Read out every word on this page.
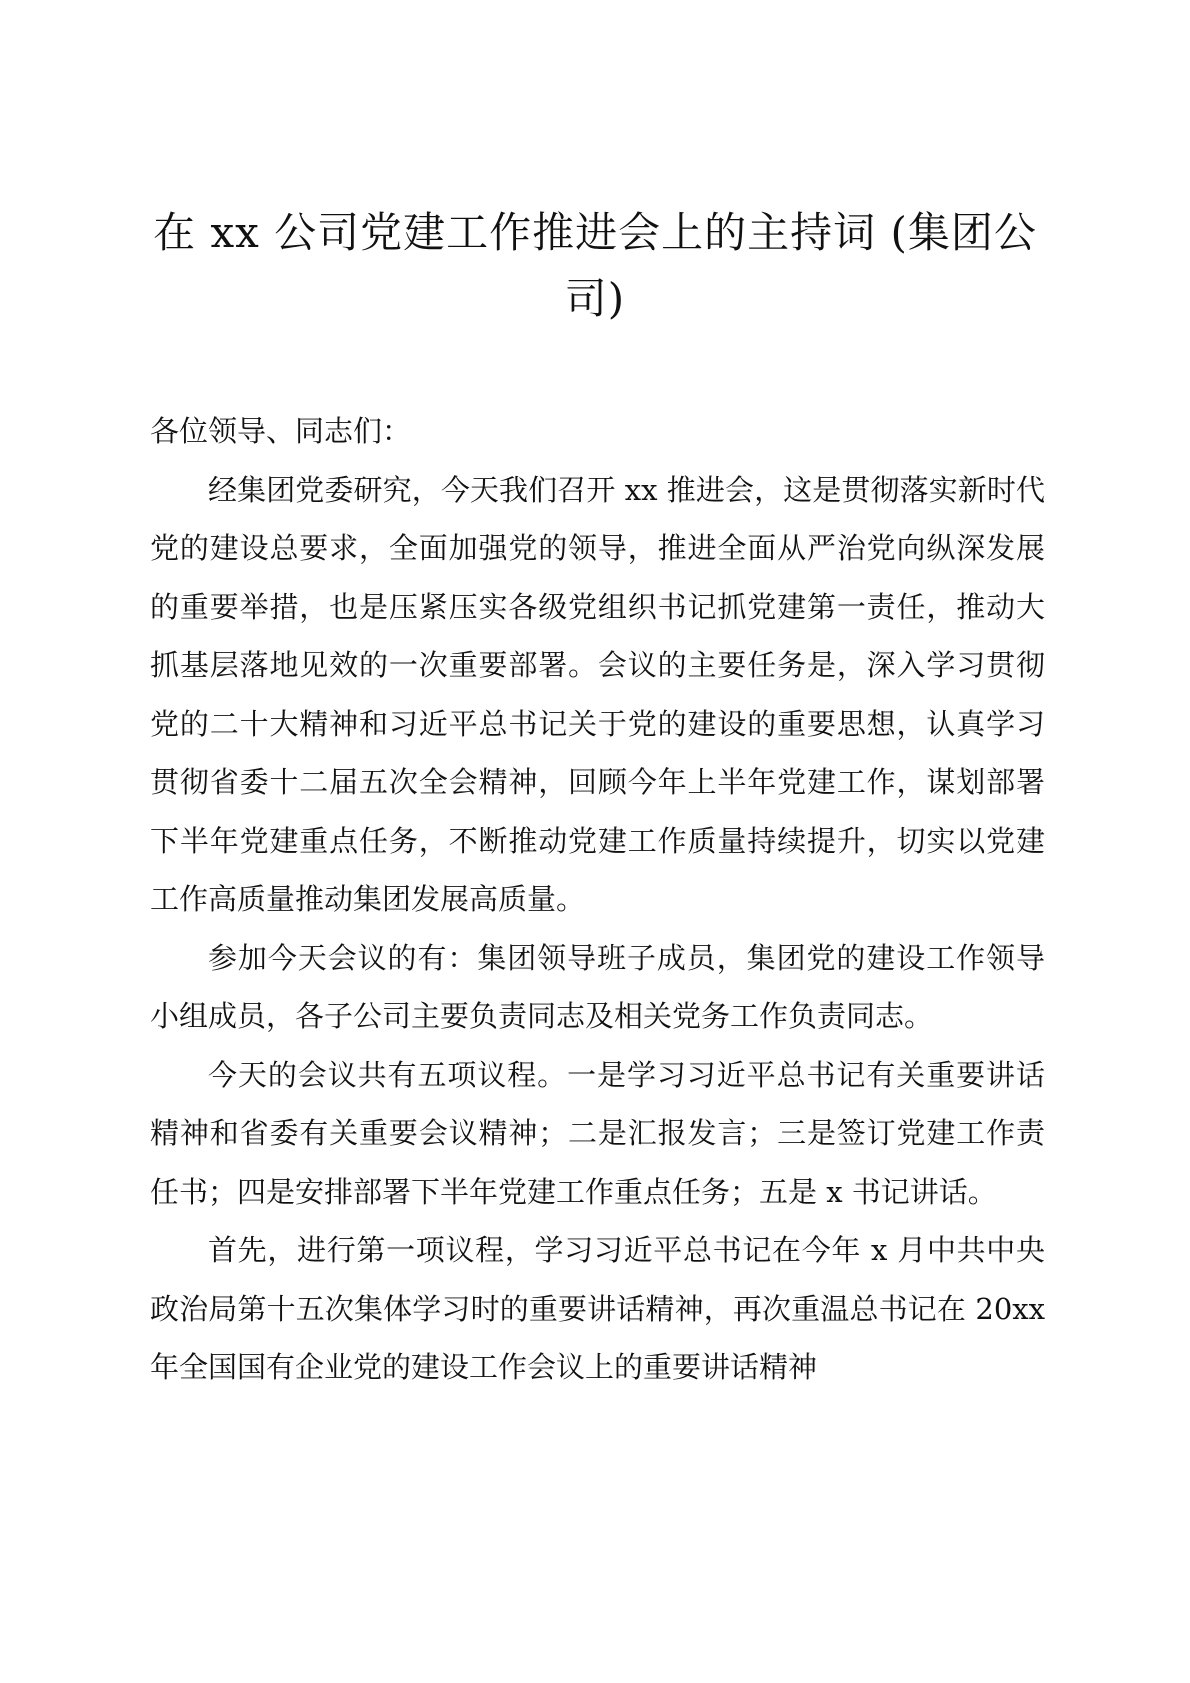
在 xx 公司党建工作推进会上的主持词 (集团公司)

各位领导、同志们：

经集团党委研究，今天我们召开 xx 推进会，这是贯彻落实新时代党的建设总要求，全面加强党的领导，推进全面从严治党向纵深发展的重要举措，也是压紧压实各级党组织书记抓党建第一责任，推动大抓基层落地见效的一次重要部署。会议的主要任务是，深入学习贯彻党的二十大精神和习近平总书记关于党的建设的重要思想，认真学习贯彻省委十二届五次全会精神，回顾今年上半年党建工作，谋划部署下半年党建重点任务，不断推动党建工作质量持续提升，切实以党建工作高质量推动集团发展高质量。

参加今天会议的有：集团领导班子成员，集团党的建设工作领导小组成员，各子公司主要负责同志及相关党务工作负责同志。

今天的会议共有五项议程。一是学习习近平总书记有关重要讲话精神和省委有关重要会议精神；二是汇报发言；三是签订党建工作责任书；四是安排部署下半年党建工作重点任务；五是 x 书记讲话。

首先，进行第一项议程，学习习近平总书记在今年 x 月中共中央政治局第十五次集体学习时的重要讲话精神，再次重温总书记在 20xx 年全国国有企业党的建设工作会议上的重要讲话精神
